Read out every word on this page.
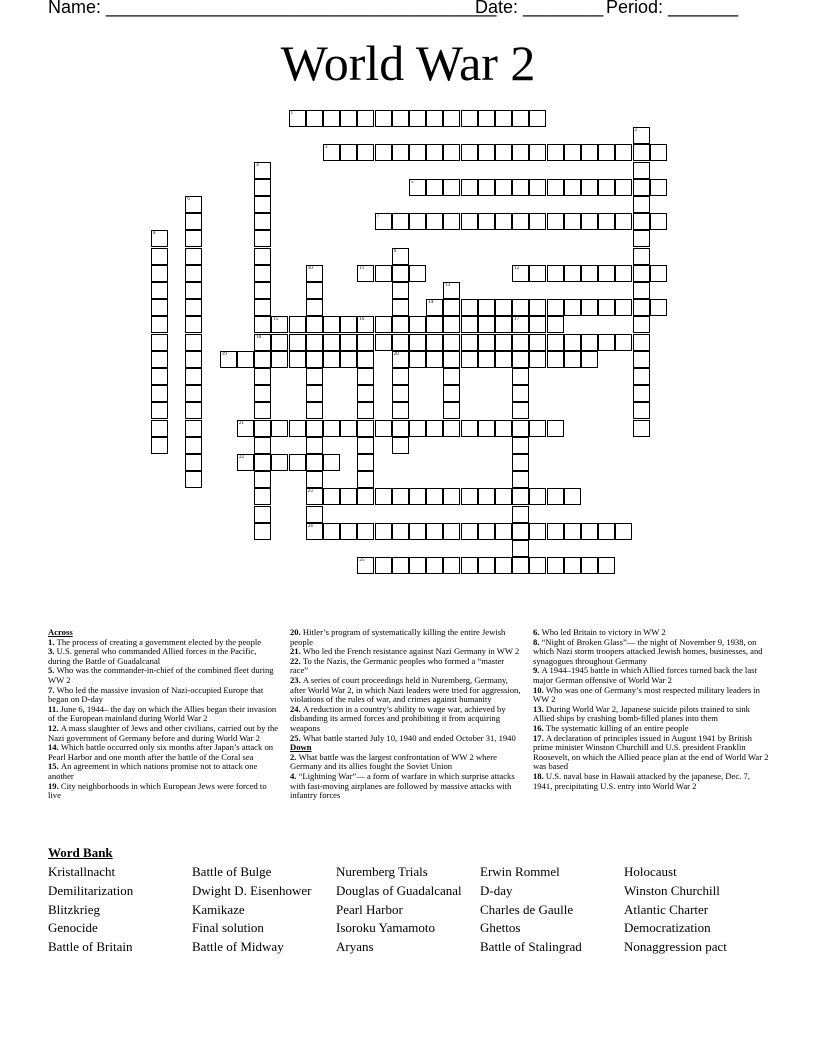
Name: _______________________________________
Date: ________ Period: _______
World War 2
1
3
5
7
11	12
14
15	16	17
18
19	20
21
22
23
24
25
2
4
6
8
9
10
13
Across
1. The process of creating a government elected by the people
3. U.S. general who commanded Allied forces in the Pacific, during the Battle of Guadalcanal
5. Who was the commander-in-chief of the combined fleet during WW 2
7. Who led the massive invasion of Nazi-occupied Europe that began on D-day
11. June 6, 1944– the day on which the Allies began their invasion of the European mainland during World War 2
12. A mass slaughter of Jews and other civilians, carried out by the Nazi government of Germany before and during World War 2
14. Which battle occurred only six months after Japan’s attack on Pearl Harbor and one month after the battle of the Coral sea
15. An agreement in which nations promise not to attack one another
19. City neighborhoods in which European Jews were forced to live
20. Hitler’s program of systematically killing the entire Jewish people
21. Who led the French resistance against Nazi Germany in WW 2
22. To the Nazis, the Germanic peoples who formed a “master race”
23. A series of court proceedings held in Nuremberg, Germany, after World War 2, in which Nazi leaders were tried for aggression, violations of the rules of war, and crimes against humanity
24. A reduction in a country’s ability to wage war, achieved by disbanding its armed forces and prohibiting it from acquiring weapons
25. What battle started July 10, 1940 and ended October 31, 1940
Down
2. What battle was the largest confrontation of WW 2 where Germany and its allies fought the Soviet Union
4. “Lightning War”— a form of warfare in which surprise attacks with fast-moving airplanes are followed by massive attacks with infantry forces
6. Who led Britain to victory in WW 2
8. “Night of Broken Glass”— the night of November 9, 1938, on which Nazi storm troopers attacked Jewish homes, businesses, and synagogues throughout Germany
9. A 1944–1945 battle in which Allied forces turned back the last major German offensive of World War 2
10. Who was one of Germany’s most respected military leaders in WW 2
13. During World War 2, Japanese suicide pilots trained to sink Allied ships by crashing bomb-filled planes into them
16. The systematic killing of an entire people
17. A declaration of principles issued in August 1941 by British prime minister Winston Churchill and U.S. president Franklin Roosevelt, on which the Allied peace plan at the end of World War 2 was based
18. U.S. naval base in Hawaii attacked by the japanese, Dec. 7, 1941, precipitating U.S. entry into World War 2
Word Bank
Kristallnacht
Demilitarization
Blitzkrieg
Genocide
Battle of Britain
Battle of Bulge
Dwight D. Eisenhower
Kamikaze
Final solution
Battle of Midway
Nuremberg Trials
Douglas of Guadalcanal
Pearl Harbor
Isoroku Yamamoto
Aryans
Erwin Rommel
D-day
Charles de Gaulle
Ghettos
Battle of Stalingrad
Holocaust
Winston Churchill
Atlantic Charter
Democratization
Nonaggression pact
